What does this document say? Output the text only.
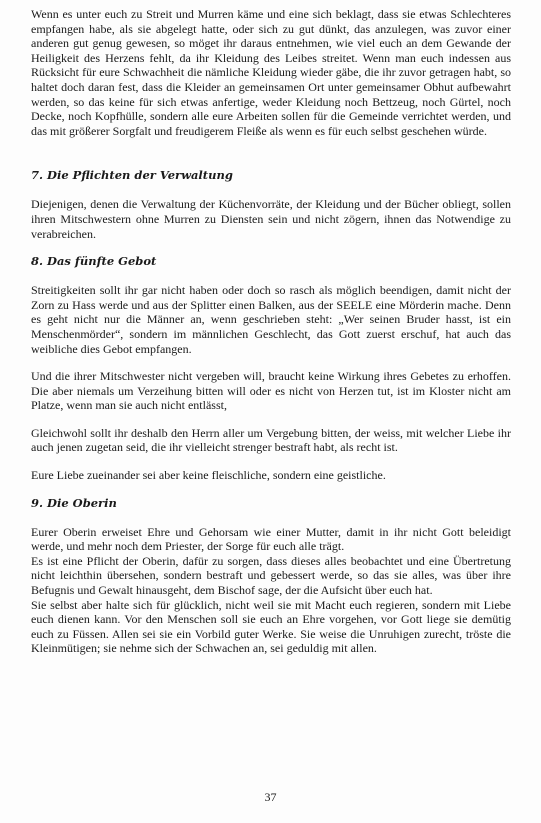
Wenn es unter euch zu Streit und Murren käme und eine sich beklagt, dass sie etwas Schlechteres empfangen habe, als sie abgelegt hatte, oder sich zu gut dünkt, das anzulegen, was zuvor einer anderen gut genug gewesen, so möget ihr daraus entnehmen, wie viel euch an dem Gewande der Heiligkeit des Herzens fehlt, da ihr Kleidung des Leibes streitet. Wenn man euch indessen aus Rücksicht für eure Schwachheit die nämliche Kleidung wieder gäbe, die ihr zuvor getragen habt, so haltet doch daran fest, dass die Kleider an gemeinsamen Ort unter gemeinsamer Obhut aufbewahrt werden, so das keine für sich etwas anfertige, weder Kleidung noch Bettzeug, noch Gürtel, noch Decke, noch Kopfhülle, sondern alle eure Arbeiten sollen für die Gemeinde verrichtet werden, und das mit größerer Sorgfalt und freudigerem Fleiße als wenn es für euch selbst geschehen würde.

7. Die Pflichten der Verwaltung

Diejenigen, denen die Verwaltung der Küchenvorräte, der Kleidung und der Bücher obliegt, sollen ihren Mitschwestern ohne Murren zu Diensten sein und nicht zögern, ihnen das Notwendige zu verabreichen.

8. Das fünfte Gebot

Streitigkeiten sollt ihr gar nicht haben oder doch so rasch als möglich beendigen, damit nicht der Zorn zu Hass werde und aus der Splitter einen Balken, aus der SEELE eine Mörderin mache. Denn es geht nicht nur die Männer an, wenn geschrieben steht: „Wer seinen Bruder hasst, ist ein Menschenmörder“, sondern im männlichen Geschlecht, das Gott zuerst erschuf, hat auch das weibliche dies Gebot empfangen.

Und die ihrer Mitschwester nicht vergeben will, braucht keine Wirkung ihres Gebetes zu erhoffen. Die aber niemals um Verzeihung bitten will oder es nicht von Herzen tut, ist im Kloster nicht am Platze, wenn man sie auch nicht entlässt,

Gleichwohl sollt ihr deshalb den Herrn aller um Vergebung bitten, der weiss, mit welcher Liebe ihr auch jenen zugetan seid, die ihr vielleicht strenger bestraft habt, als recht ist.

Eure Liebe zueinander sei aber keine fleischliche, sondern eine geistliche.

9. Die Oberin

Eurer Oberin erweiset Ehre und Gehorsam wie einer Mutter, damit in ihr nicht Gott beleidigt werde, und mehr noch dem Priester, der Sorge für euch alle trägt.

Es ist eine Pflicht der Oberin, dafür zu sorgen, dass dieses alles beobachtet und eine Übertretung nicht leichthin übersehen, sondern bestraft und gebessert werde, so das sie alles, was über ihre Befugnis und Gewalt hinausgeht, dem Bischof sage, der die Aufsicht über euch hat.

Sie selbst aber halte sich für glücklich, nicht weil sie mit Macht euch regieren, sondern mit Liebe euch dienen kann. Vor den Menschen soll sie euch an Ehre vorgehen, vor Gott liege sie demütig euch zu Füssen. Allen sei sie ein Vorbild guter Werke. Sie weise die Unruhigen zurecht, tröste die Kleinmütigen; sie nehme sich der Schwachen an, sei geduldig mit allen.

37
